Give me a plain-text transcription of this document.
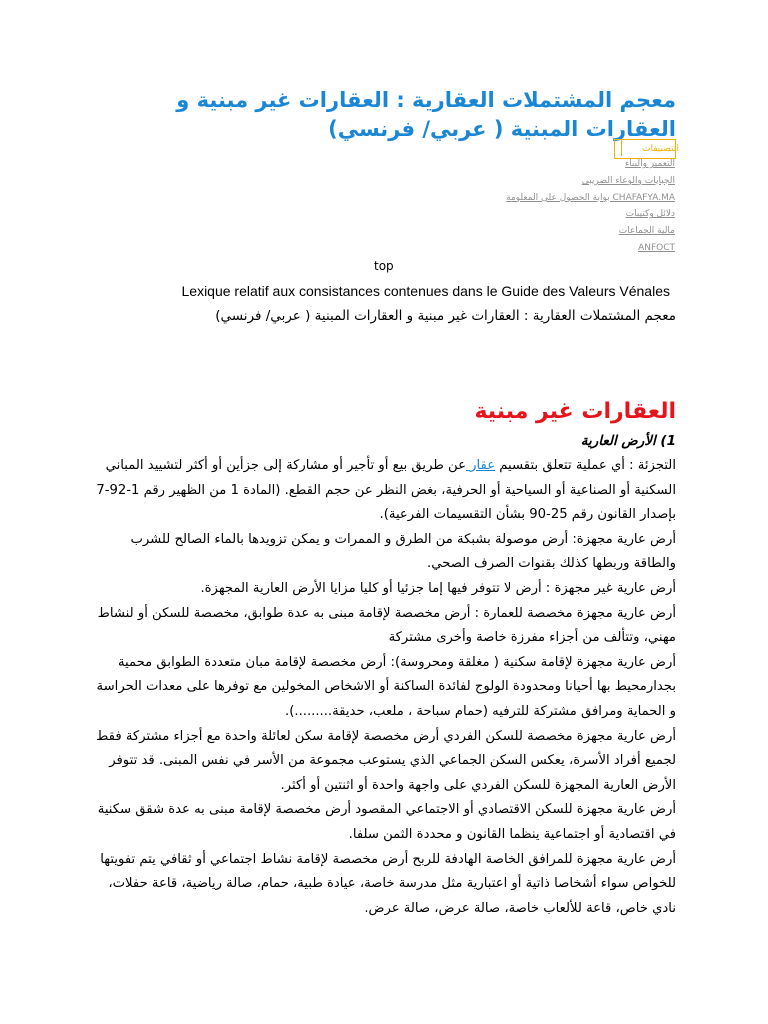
معجم المشتملات العقارية : العقارات غير مبنية و العقارات المبنية ( عربي/ فرنسي)
التصنيفات
التعمير والبناء
الجبايات والوعاء الضريبي
CHAFAFYA.MA بوابة الحصول على المعلومة
دلائل وكتيبات
مالية الجماعات
ANFOCT
top
Lexique relatif aux consistances contenues dans le Guide des Valeurs Vénales
معجم المشتملات العقارية : العقارات غير مبنية و العقارات المبنية ( عربي/ فرنسي)
العقارات غير مبنية
1) الأرض العارية

التجزئة : أي عملية تتعلق بتقسيم عقار عن طريق بيع أو تأجير أو مشاركة إلى جزأين أو أكثر لتشييد المباني السكنية أو الصناعية أو السياحية أو الحرفية، بغض النظر عن حجم القطع. (المادة 1 من الظهير رقم 1-92-7 بإصدار القانون رقم 25-90 بشأن التقسيمات الفرعية).

أرض عارية مجهزة: أرض موصولة بشبكة من الطرق و الممرات و يمكن تزويدها بالماء الصالح للشرب والطاقة وربطها كذلك بقنوات الصرف الصحي.

أرض عارية غير مجهزة : أرض لا تتوفر فيها إما جزئيا أو كليا مزايا الأرض العارية المجهزة.

أرض عارية مجهزة مخصصة للعمارة : أرض مخصصة لإقامة مبنى به عدة طوابق، مخصصة للسكن أو لنشاط مهني، وتتألف من أجزاء مفرزة خاصة وأخرى مشتركة

أرض عارية مجهزة لإقامة سكنية ( مغلقة ومحروسة): أرض مخصصة لإقامة مبان متعددة الطوابق محمية بجدارمحيط بها أحيانا ومحدودة الولوج لفائدة الساكنة أو الاشخاص المخولين مع توفرها على معدات الحراسة و الحماية ومرافق مشتركة للترفيه (حمام سباحة ، ملعب، حديقة.........).

أرض عارية مجهزة مخصصة للسكن الفردي أرض مخصصة لإقامة سكن لعائلة واحدة مع أجزاء مشتركة فقط لجميع أفراد الأسرة، يعكس السكن الجماعي الذي يستوعب مجموعة من الأسر في نفس المبنى. قد تتوفر الأرض العارية المجهزة للسكن الفردي على واجهة واحدة أو اثنتين أو أكثر.

أرض عارية مجهزة للسكن الاقتصادي أو الاجتماعي المقصود أرض مخصصة لإقامة مبنى به عدة شقق سكنية في اقتصادية أو اجتماعية ينظما القانون و محددة الثمن سلفا.

أرض عارية مجهزة للمرافق الخاصة الهادفة للربح أرض مخصصة لإقامة نشاط اجتماعي أو ثقافي يتم تفويتها للخواص سواء أشخاصا ذاتية أو اعتبارية مثل مدرسة خاصة، عيادة طبية، حمام، صالة رياضية، قاعة حفلات، نادي خاص، قاعة للألعاب خاصة، صالة عرض، صالة عرض.
